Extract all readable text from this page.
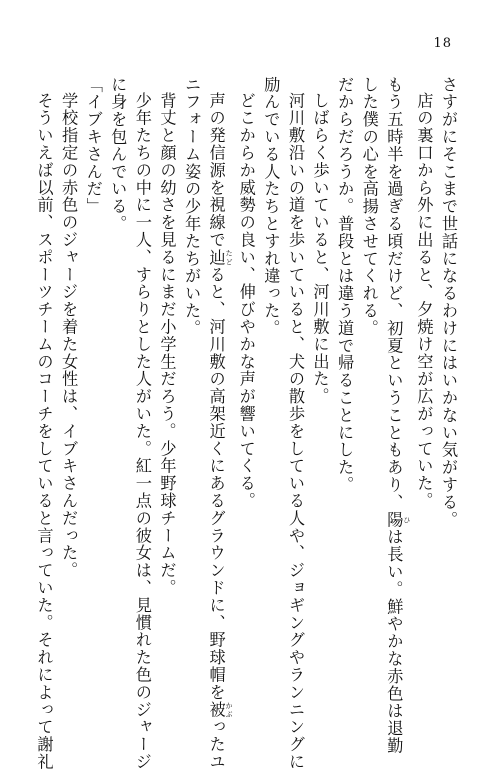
18

さすがにそこまで世話になるわけにはいかない気がする。

店の裏口から外に出ると、夕焼け空が広がっていた。

もう五時半を過ぎる頃だけど、初夏ということもあり、陽 ひは長い。鮮やかな赤色は退勤

した僕の心を高揚させてくれる。

だからだろうか。普段とは違う道で帰ることにした。

しばらく歩いていると、河川敷に出た。

河川敷沿いの道を歩いていると、犬の散歩をしている人や、ジョギングやランニングに

励んでいる人たちとすれ違った。

どこからか威勢の良い、伸びやかな声が響いてくる。

声の発信源を視線で辿 たどると、河川敷の高架近くにあるグラウンドに、野球帽を被 かぶったユ

ニフォーム姿の少年たちがいた。

背丈と顔の幼さを見るにまだ小学生だろう。少年野球チームだ。

少年たちの中に一人、すらりとした人がいた。紅一点の彼女は、見慣れた色のジャージ

に身を包んでいる。

「イブキさんだ」

学校指定の赤色のジャージを着た女性は、イブキさんだった。

そういえば以前、スポーツチームのコーチをしていると言っていた。それによって謝礼
